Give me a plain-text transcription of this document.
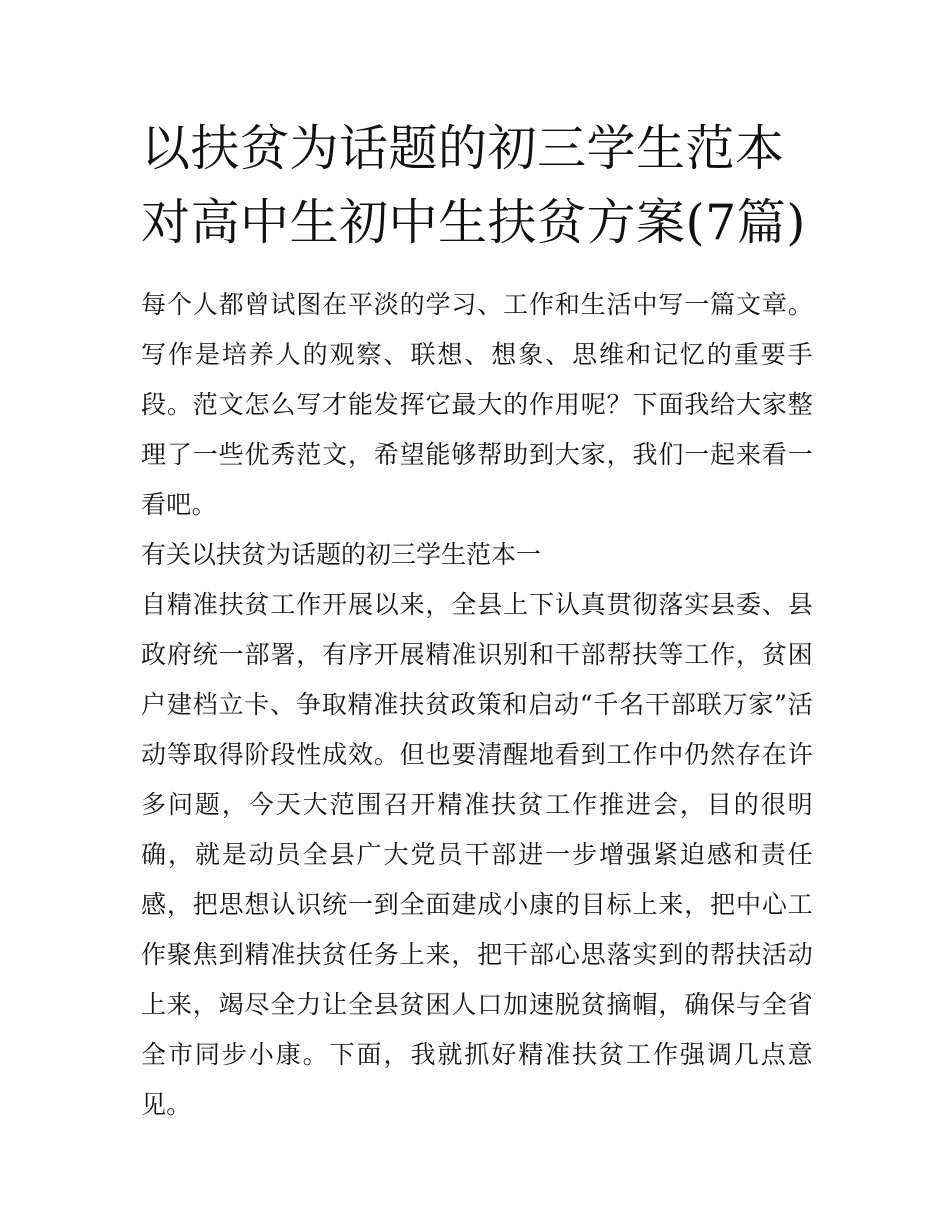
以扶贫为话题的初三学生范本对高中生初中生扶贫方案(7篇)

每个人都曾试图在平淡的学习、工作和生活中写一篇文章。写作是培养人的观察、联想、想象、思维和记忆的重要手段。范文怎么写才能发挥它最大的作用呢？下面我给大家整理了一些优秀范文，希望能够帮助到大家，我们一起来看一看吧。

有关以扶贫为话题的初三学生范本一

自精准扶贫工作开展以来，全县上下认真贯彻落实县委、县政府统一部署，有序开展精准识别和干部帮扶等工作，贫困户建档立卡、争取精准扶贫政策和启动“千名干部联万家”活动等取得阶段性成效。但也要清醒地看到工作中仍然存在许多问题，今天大范围召开精准扶贫工作推进会，目的很明确，就是动员全县广大党员干部进一步增强紧迫感和责任感，把思想认识统一到全面建成小康的目标上来，把中心工作聚焦到精准扶贫任务上来，把干部心思落实到的帮扶活动上来，竭尽全力让全县贫困人口加速脱贫摘帽，确保与全省全市同步小康。下面，我就抓好精准扶贫工作强调几点意见。
